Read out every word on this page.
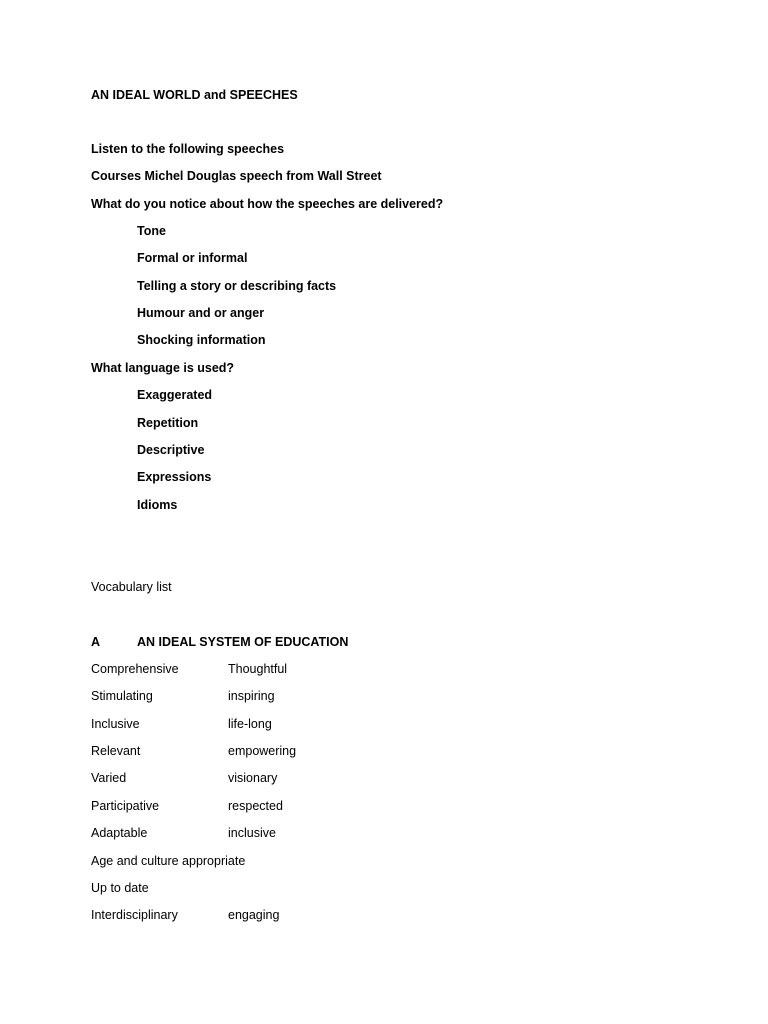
AN IDEAL WORLD and SPEECHES
Listen to the following speeches
Courses Michel Douglas speech from Wall Street
What do you notice about how the speeches are delivered?
Tone
Formal or informal
Telling a story or describing facts
Humour and or anger
Shocking information
What language is used?
Exaggerated
Repetition
Descriptive
Expressions
Idioms
Vocabulary list
A	AN IDEAL SYSTEM OF EDUCATION
Comprehensive	Thoughtful
Stimulating	inspiring
Inclusive	life-long
Relevant	empowering
Varied	visionary
Participative	respected
Adaptable	inclusive
Age and culture appropriate
Up to date
Interdisciplinary	engaging
